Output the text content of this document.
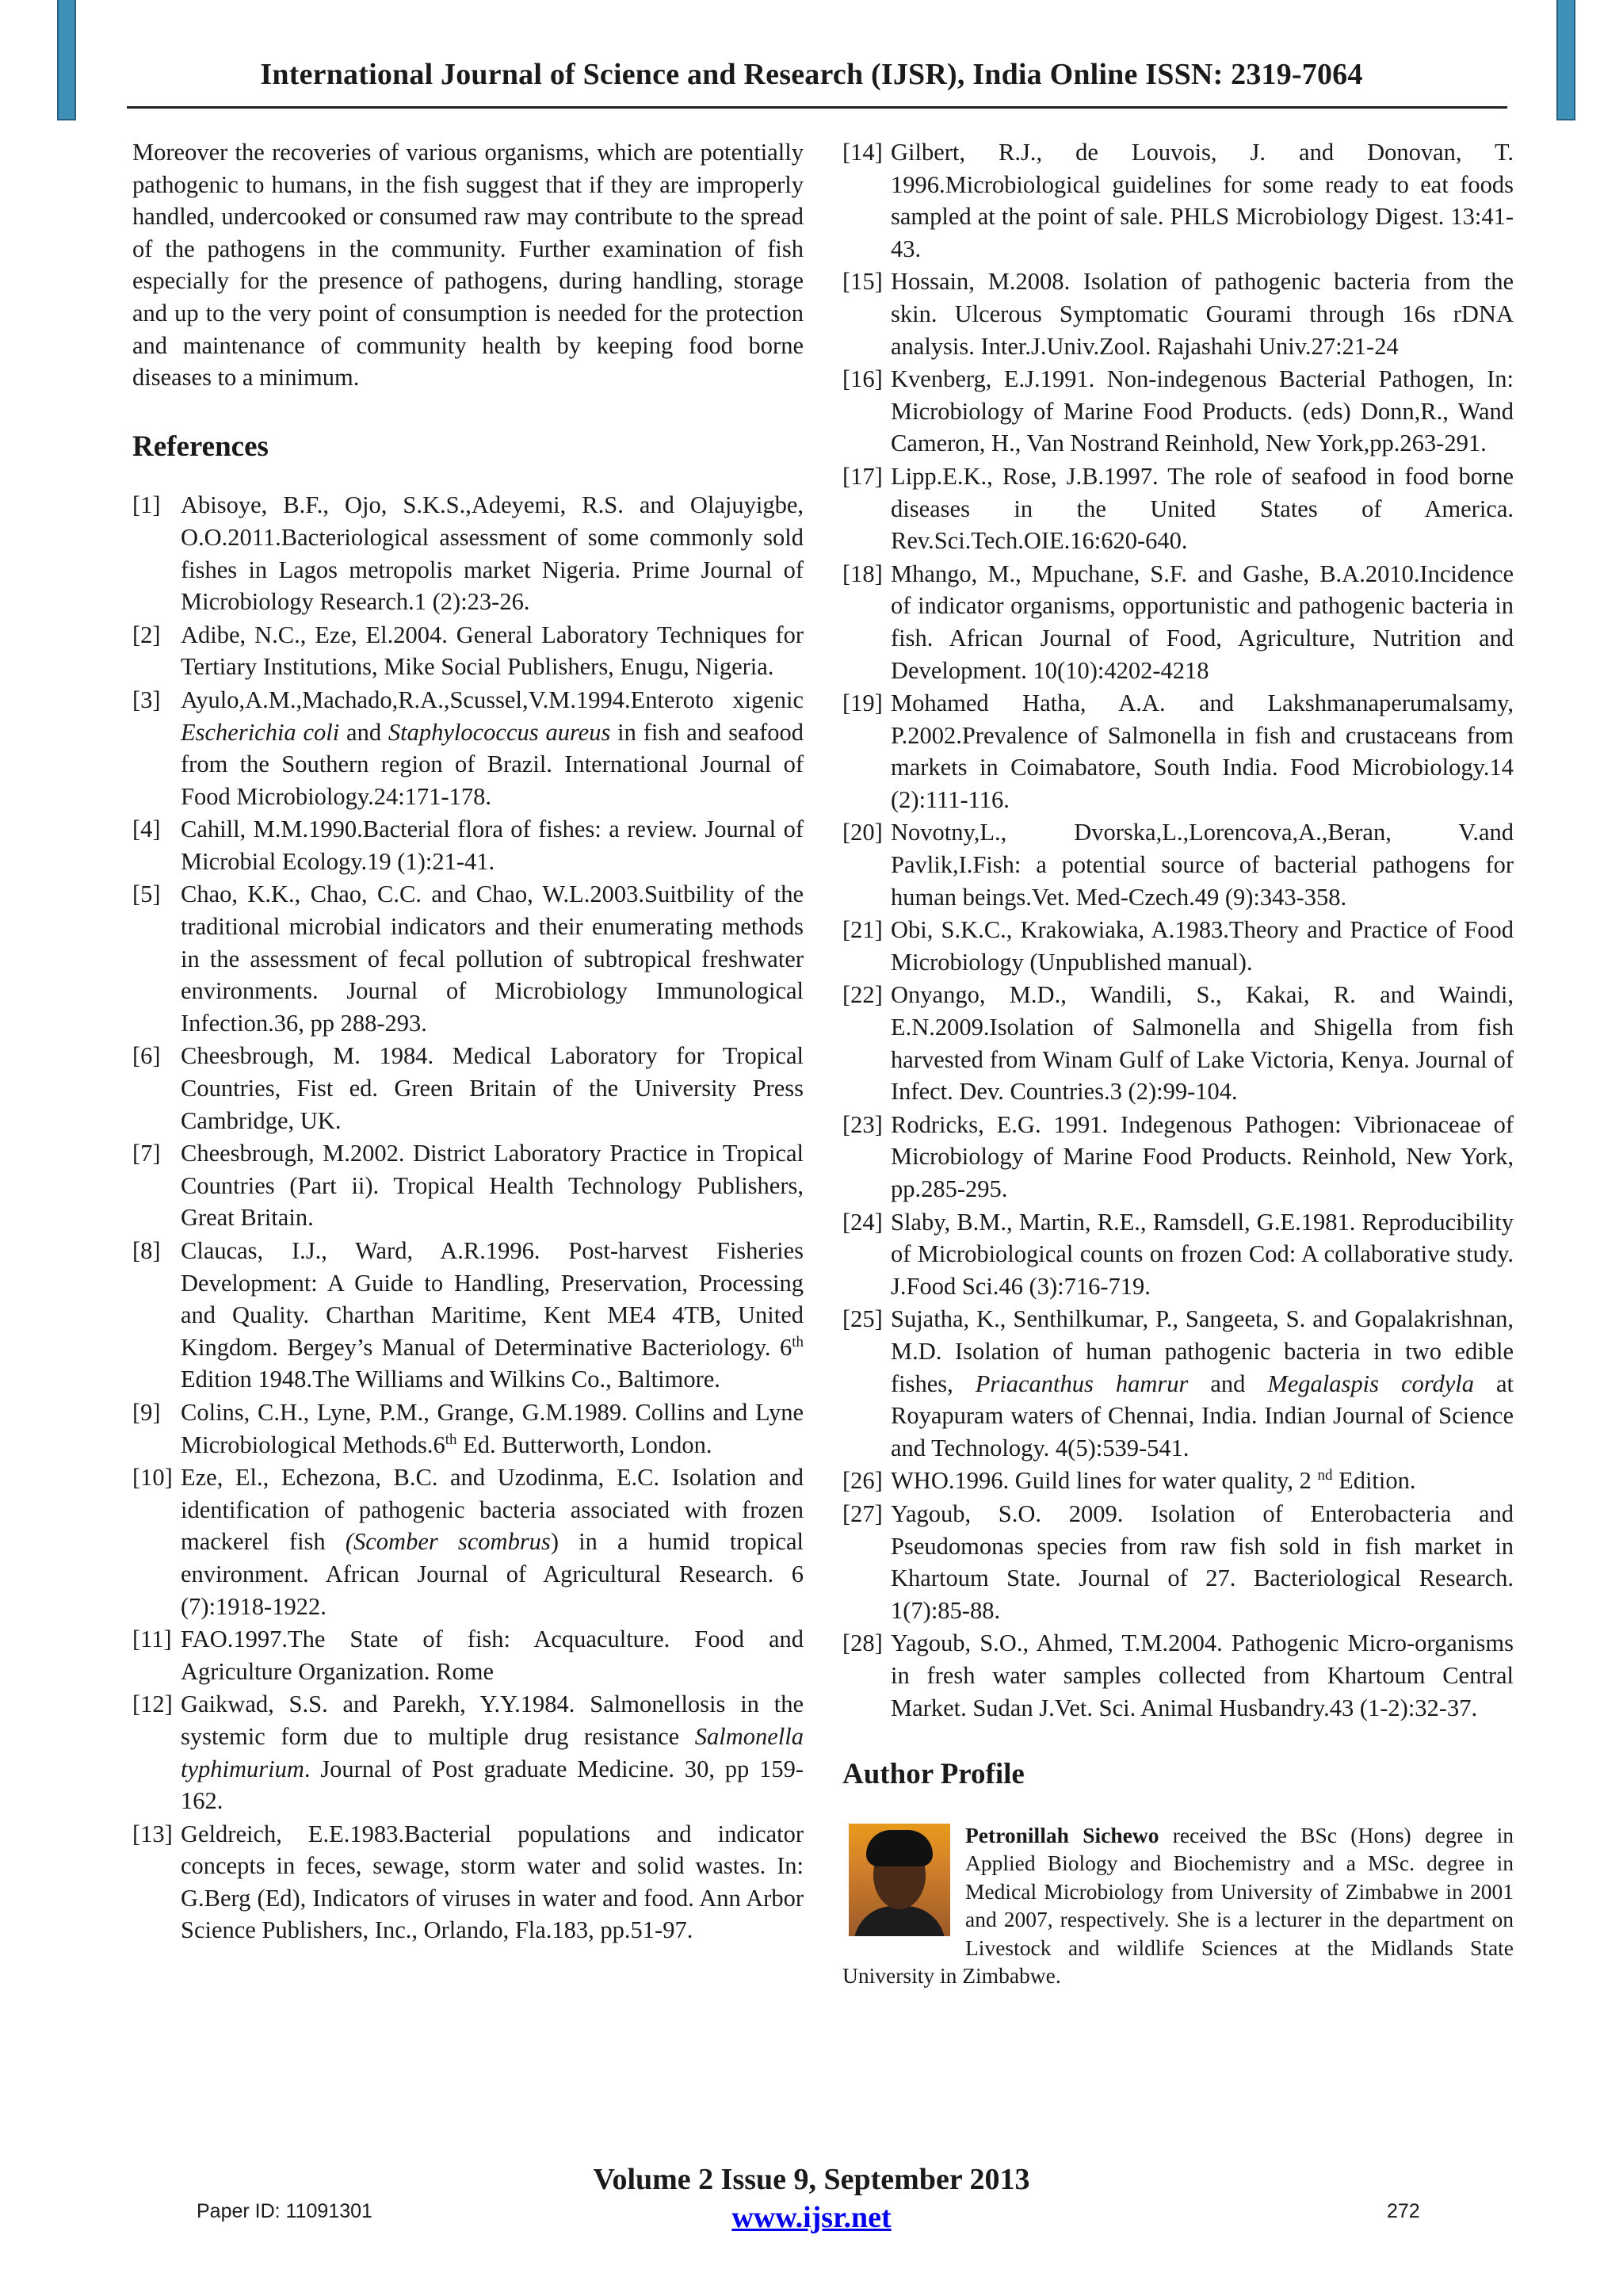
International Journal of Science and Research (IJSR), India Online ISSN: 2319-7064

Moreover the recoveries of various organisms, which are potentially pathogenic to humans, in the fish suggest that if they are improperly handled, undercooked or consumed raw may contribute to the spread of the pathogens in the community. Further examination of fish especially for the presence of pathogens, during handling, storage and up to the very point of consumption is needed for the protection and maintenance of community health by keeping food borne diseases to a minimum.

References
[1] Abisoye, B.F., Ojo, S.K.S.,Adeyemi, R.S. and Olajuyigbe, O.O.2011.Bacteriological assessment of some commonly sold fishes in Lagos metropolis market Nigeria. Prime Journal of Microbiology Research.1 (2):23-26.
[2] Adibe, N.C., Eze, El.2004. General Laboratory Techniques for Tertiary Institutions, Mike Social Publishers, Enugu, Nigeria.
[3] Ayulo,A.M.,Machado,R.A.,Scussel,V.M.1994.Enteroto xigenic Escherichia coli and Staphylococcus aureus in fish and seafood from the Southern region of Brazil. International Journal of Food Microbiology.24:171-178.
[4] Cahill, M.M.1990.Bacterial flora of fishes: a review. Journal of Microbial Ecology.19 (1):21-41.
[5] Chao, K.K., Chao, C.C. and Chao, W.L.2003.Suitbility of the traditional microbial indicators and their enumerating methods in the assessment of fecal pollution of subtropical freshwater environments. Journal of Microbiology Immunological Infection.36, pp 288-293.
[6] Cheesbrough, M. 1984. Medical Laboratory for Tropical Countries, Fist ed. Green Britain of the University Press Cambridge, UK.
[7] Cheesbrough, M.2002. District Laboratory Practice in Tropical Countries (Part ii). Tropical Health Technology Publishers, Great Britain.
[8] Claucas, I.J., Ward, A.R.1996. Post-harvest Fisheries Development: A Guide to Handling, Preservation, Processing and Quality. Charthan Maritime, Kent ME4 4TB, United Kingdom. Bergey’s Manual of Determinative Bacteriology. 6th Edition 1948.The Williams and Wilkins Co., Baltimore.
[9] Colins, C.H., Lyne, P.M., Grange, G.M.1989. Collins and Lyne Microbiological Methods.6th Ed. Butterworth, London.
[10] Eze, El., Echezona, B.C. and Uzodinma, E.C. Isolation and identification of pathogenic bacteria associated with frozen mackerel fish (Scomber scombrus) in a humid tropical environment. African Journal of Agricultural Research. 6 (7):1918-1922.
[11] FAO.1997.The State of fish: Acquaculture. Food and Agriculture Organization. Rome
[12] Gaikwad, S.S. and Parekh, Y.Y.1984. Salmonellosis in the systemic form due to multiple drug resistance Salmonella typhimurium. Journal of Post graduate Medicine. 30, pp 159-162.
[13] Geldreich, E.E.1983.Bacterial populations and indicator concepts in feces, sewage, storm water and solid wastes. In: G.Berg (Ed), Indicators of viruses in water and food. Ann Arbor Science Publishers, Inc., Orlando, Fla.183, pp.51-97.
[14] Gilbert, R.J., de Louvois, J. and Donovan, T. 1996.Microbiological guidelines for some ready to eat foods sampled at the point of sale. PHLS Microbiology Digest. 13:41-43.
[15] Hossain, M.2008. Isolation of pathogenic bacteria from the skin. Ulcerous Symptomatic Gourami through 16s rDNA analysis. Inter.J.Univ.Zool. Rajashahi Univ.27:21-24
[16] Kvenberg, E.J.1991. Non-indegenous Bacterial Pathogen, In: Microbiology of Marine Food Products. (eds) Donn,R., Wand Cameron, H., Van Nostrand Reinhold, New York,pp.263-291.
[17] Lipp.E.K., Rose, J.B.1997. The role of seafood in food borne diseases in the United States of America. Rev.Sci.Tech.OIE.16:620-640.
[18] Mhango, M., Mpuchane, S.F. and Gashe, B.A.2010.Incidence of indicator organisms, opportunistic and pathogenic bacteria in fish. African Journal of Food, Agriculture, Nutrition and Development. 10(10):4202-4218
[19] Mohamed Hatha, A.A. and Lakshmanaperumalsamy, P.2002.Prevalence of Salmonella in fish and crustaceans from markets in Coimabatore, South India. Food Microbiology.14 (2):111-116.
[20] Novotny,L., Dvorska,L.,Lorencova,A.,Beran, V.and Pavlik,I.Fish: a potential source of bacterial pathogens for human beings.Vet. Med-Czech.49 (9):343-358.
[21] Obi, S.K.C., Krakowiaka, A.1983.Theory and Practice of Food Microbiology (Unpublished manual).
[22] Onyango, M.D., Wandili, S., Kakai, R. and Waindi, E.N.2009.Isolation of Salmonella and Shigella from fish harvested from Winam Gulf of Lake Victoria, Kenya. Journal of Infect. Dev. Countries.3 (2):99-104.
[23] Rodricks, E.G. 1991. Indegenous Pathogen: Vibrionaceae of Microbiology of Marine Food Products. Reinhold, New York, pp.285-295.
[24] Slaby, B.M., Martin, R.E., Ramsdell, G.E.1981. Reproducibility of Microbiological counts on frozen Cod: A collaborative study. J.Food Sci.46 (3):716-719.
[25] Sujatha, K., Senthilkumar, P., Sangeeta, S. and Gopalakrishnan, M.D. Isolation of human pathogenic bacteria in two edible fishes, Priacanthus hamrur and Megalaspis cordyla at Royapuram waters of Chennai, India. Indian Journal of Science and Technology. 4(5):539-541.
[26] WHO.1996. Guild lines for water quality, 2 $^{nd}$ Edition.
[27] Yagoub, S.O. 2009. Isolation of Enterobacteria and Pseudomonas species from raw fish sold in fish market in Khartoum State. Journal of 27. Bacteriological Research. 1(7):85-88.
[28] Yagoub, S.O., Ahmed, T.M.2004. Pathogenic Micro-organisms in fresh water samples collected from Khartoum Central Market. Sudan J.Vet. Sci. Animal Husbandry.43 (1-2):32-37.
Author Profile
Petronillah Sichewo received the BSc (Hons) degree in Applied Biology and Biochemistry and a MSc. degree in Medical Microbiology from University of Zimbabwe in 2001 and 2007, respectively. She is a lecturer in the department on Livestock and wildlife Sciences at the Midlands State University in Zimbabwe.
Volume 2 Issue 9, September 2013
www.ijsr.net
Paper ID: 11091301	272
